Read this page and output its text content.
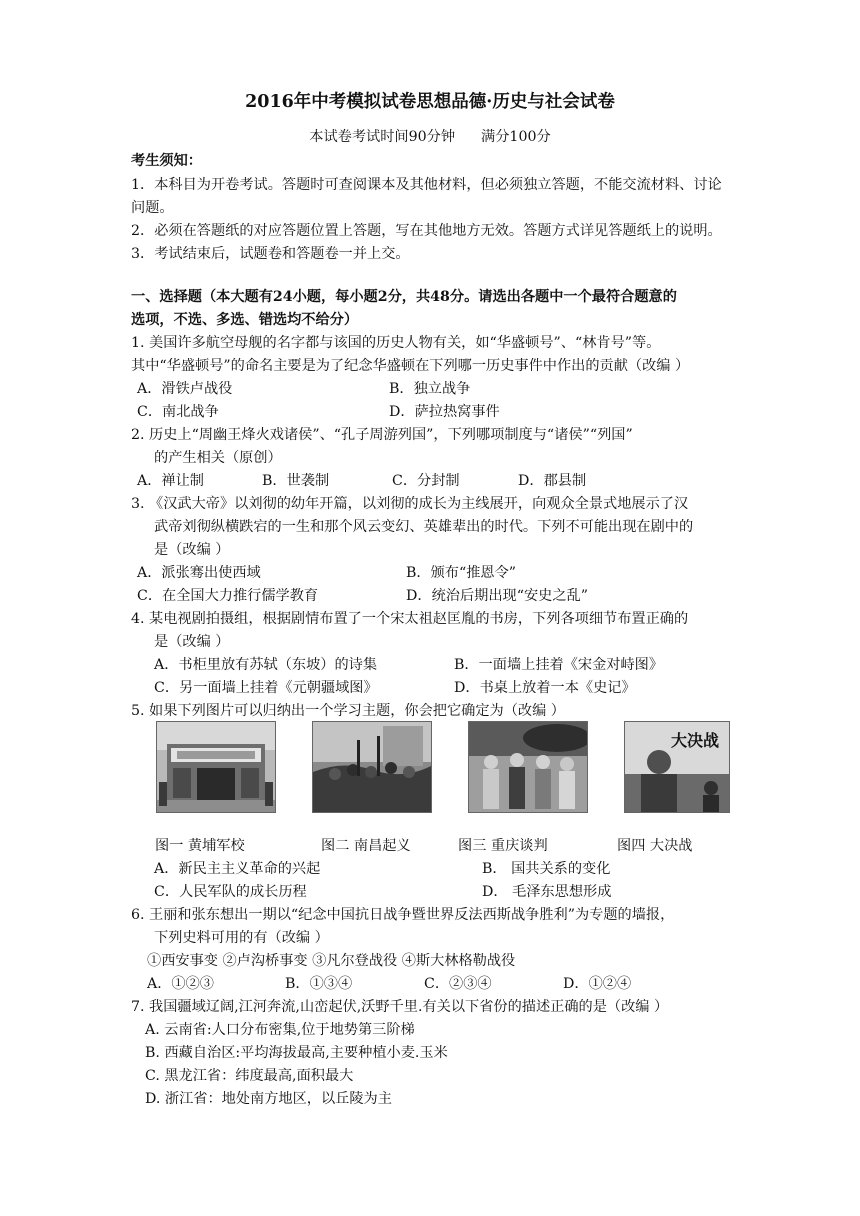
2016年中考模拟试卷思想品德·历史与社会试卷
本试卷考试时间90分钟 满分100分
考生须知：
1．本科目为开卷考试。答题时可查阅课本及其他材料，但必须独立答题，不能交流材料、讨论
问题。
2．必须在答题纸的对应答题位置上答题，写在其他地方无效。答题方式详见答题纸上的说明。
3．考试结束后，试题卷和答题卷一并上交。
一、选择题（本大题有24小题，每小题2分，共48分。请选出各题中一个最符合题意的
选项，不选、多选、错选均不给分）
1. 美国许多航空母舰的名字都与该国的历史人物有关，如“华盛顿号”、“林肯号”等。
其中“华盛顿号”的命名主要是为了纪念华盛顿在下列哪一历史事件中作出的贡献（改编 ）
A．滑铁卢战役	B．独立战争
C．南北战争	D．萨拉热窝事件
2. 历史上“周幽王烽火戏诸侯”、“孔子周游列国”，下列哪项制度与“诸侯”“列国”
的产生相关（原创）
A．禅让制	B．世袭制	C．分封制	D．郡县制
3. 《汉武大帝》以刘彻的幼年开篇，以刘彻的成长为主线展开，向观众全景式地展示了汉
武帝刘彻纵横跌宕的一生和那个风云变幻、英雄辈出的时代。下列不可能出现在剧中的
是（改编 ）
A．派张骞出使西域	B．颁布“推恩令”
C．在全国大力推行儒学教育	D．统治后期出现“安史之乱”
4. 某电视剧拍摄组，根据剧情布置了一个宋太祖赵匡胤的书房，下列各项细节布置正确的
是（改编 ）
A．书柜里放有苏轼（东坡）的诗集	B．一面墙上挂着《宋金对峙图》
C．另一面墙上挂着《元朝疆域图》	D．书桌上放着一本《史记》
5. 如果下列图片可以归纳出一个学习主题，你会把它确定为（改编 ）
大决战
图一 黄埔军校	图二 南昌起义	图三 重庆谈判	图四 大决战
A．新民主主义革命的兴起	B． 国共关系的变化
C．人民军队的成长历程	D． 毛泽东思想形成
6. 王丽和张东想出一期以“纪念中国抗日战争暨世界反法西斯战争胜利”为专题的墙报，
下列史料可用的有（改编 ）
①西安事变 ②卢沟桥事变 ③凡尔登战役 ④斯大林格勒战役
A．①②③	B．①③④	C．②③④	D．①②④
7. 我国疆域辽阔,江河奔流,山峦起伏,沃野千里.有关以下省份的描述正确的是（改编 ）
A. 云南省:人口分布密集,位于地势第三阶梯
B. 西藏自治区:平均海拔最高,主要种植小麦.玉米
C. 黑龙江省：纬度最高,面积最大
D. 浙江省：地处南方地区，以丘陵为主
